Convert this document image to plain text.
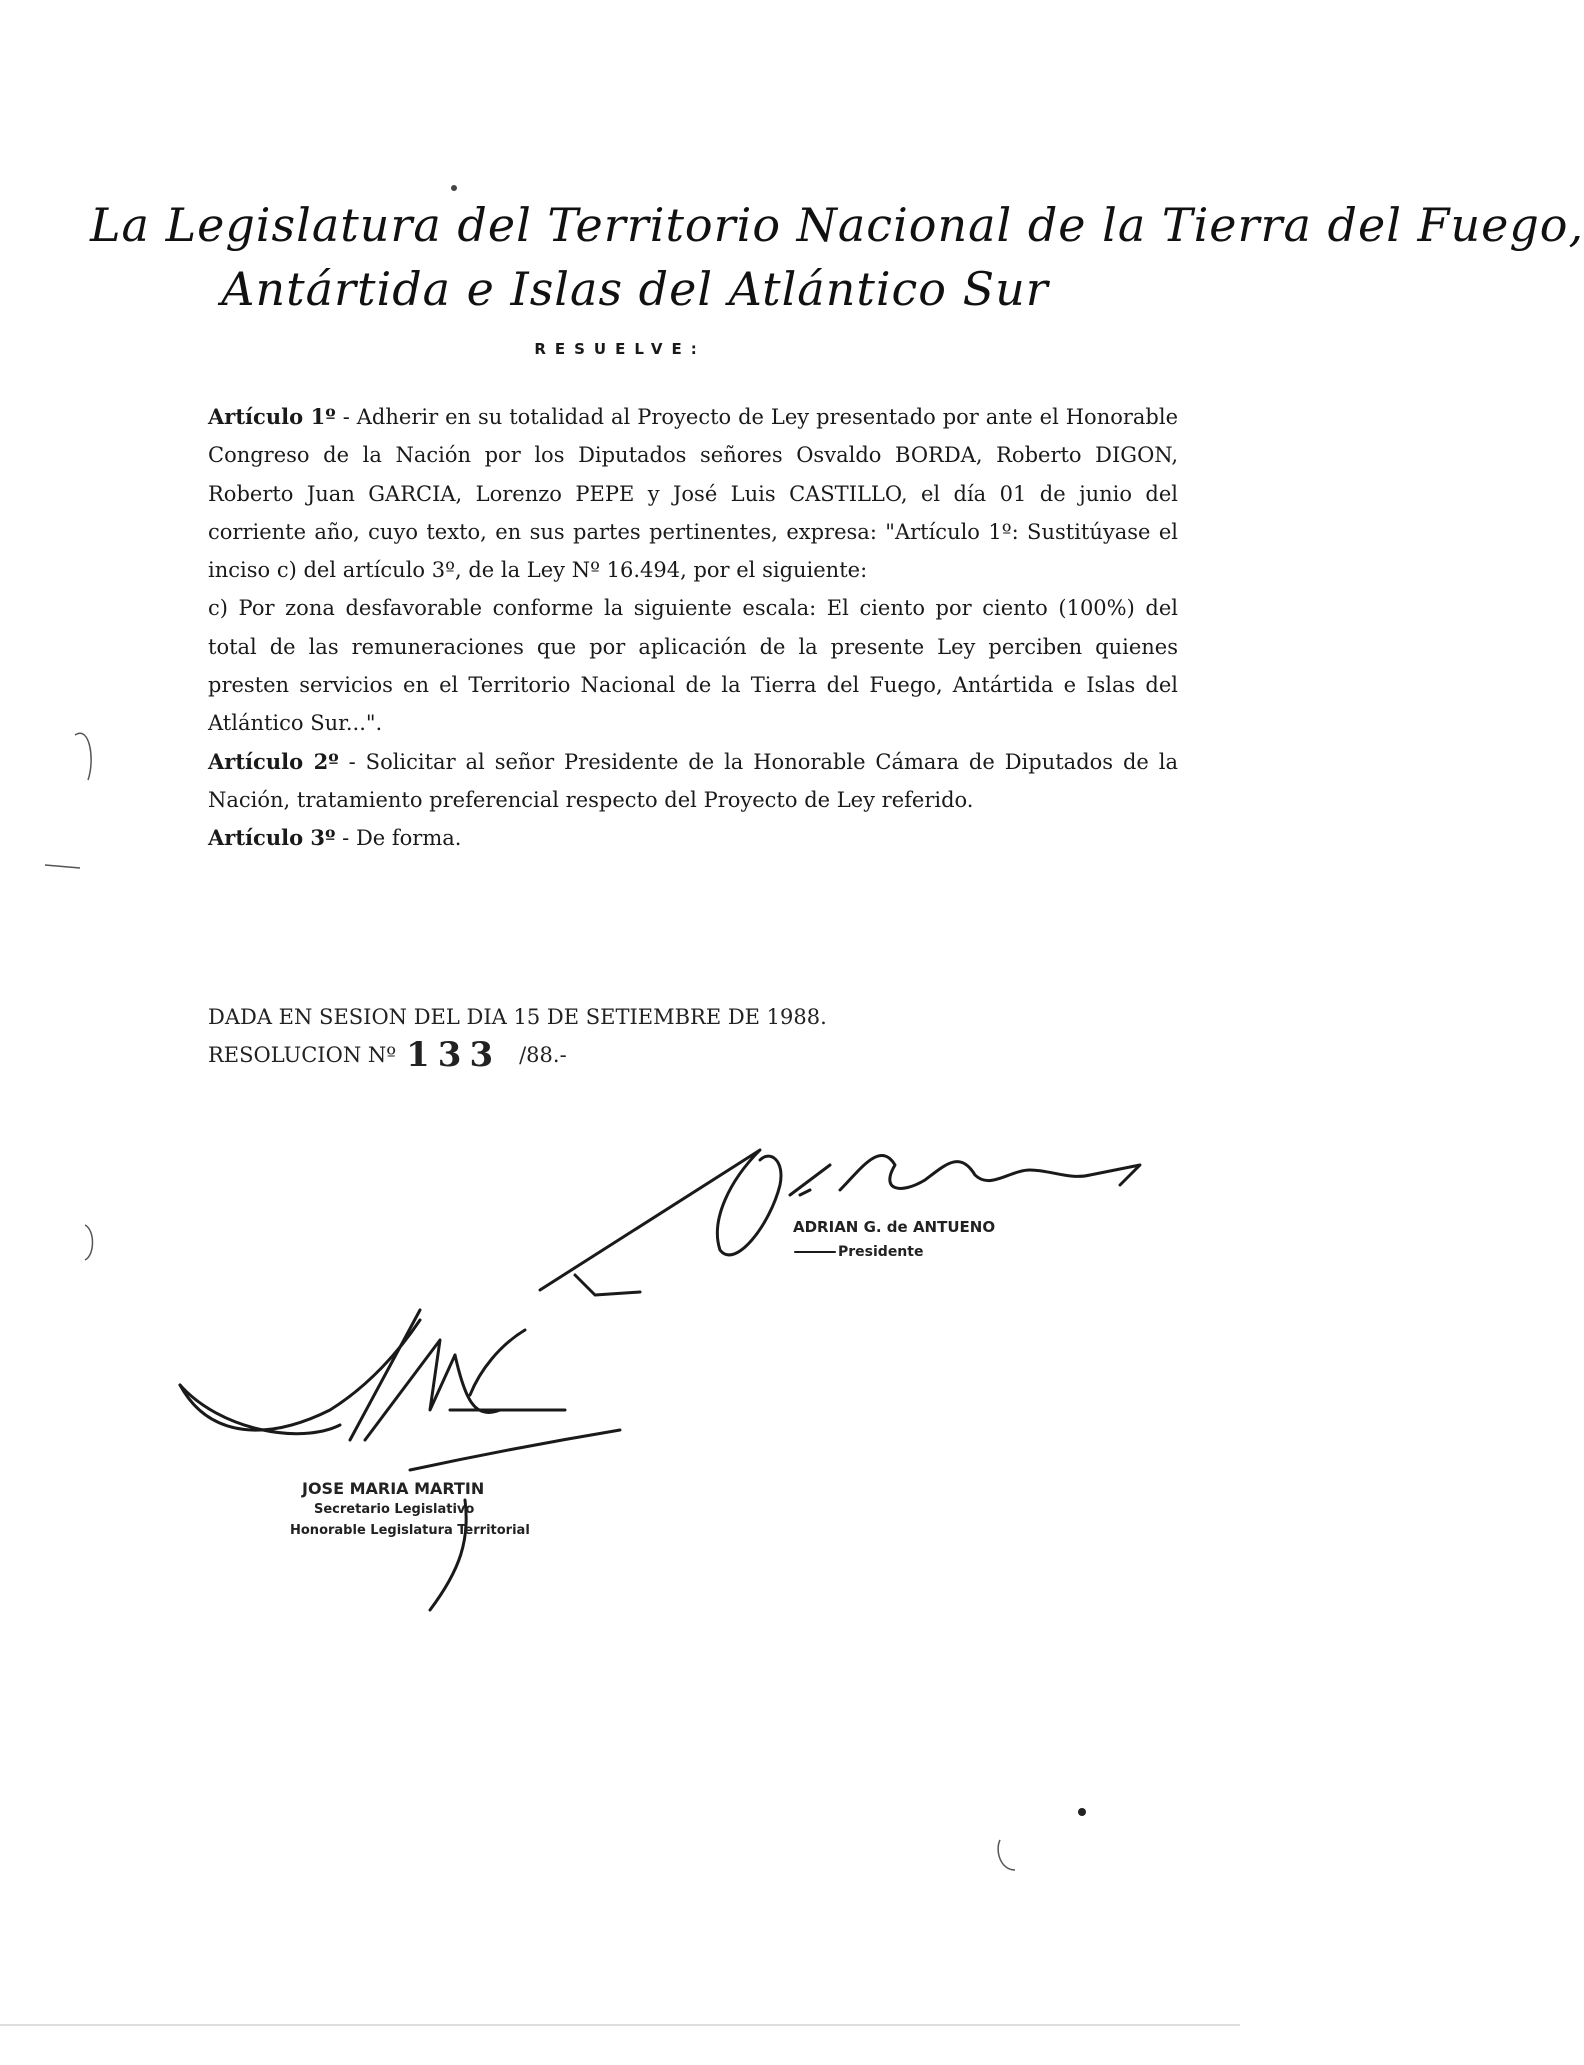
La Legislatura del Territorio Nacional de la Tierra del Fuego,
Antártida e Islas del Atlántico Sur
RESUELVE:

Artículo 1º - Adherir en su totalidad al Proyecto de Ley presentado por ante el Honorable Congreso de la Nación por los Diputados señores Osvaldo BORDA, Roberto DIGON, Roberto Juan GARCIA, Lorenzo PEPE y José Luis CASTILLO, el día 01 de junio del corriente año, cuyo texto, en sus partes pertinentes, expresa: "Artículo 1º: Sustitúyase el inciso c) del artículo 3º, de la Ley Nº 16.494, por el siguiente:

c) Por zona desfavorable conforme la siguiente escala: El ciento por ciento (100%) del total de las remuneraciones que por aplicación de la presente Ley perciben quienes presten servicios en el Territorio Nacional de la Tierra del Fuego, Antártida e Islas del Atlántico Sur...".

Artículo 2º - Solicitar al señor Presidente de la Honorable Cámara de Diputados de la Nación, tratamiento preferencial respecto del Proyecto de Ley referido.

Artículo 3º - De forma.

DADA EN SESION DEL DIA 15 DE SETIEMBRE DE 1988.
RESOLUCION Nº 133 /88.-
ADRIAN G. de ANTUENO
Presidente
JOSE MARIA MARTIN
Secretario Legislativo
Honorable Legislatura Territorial
